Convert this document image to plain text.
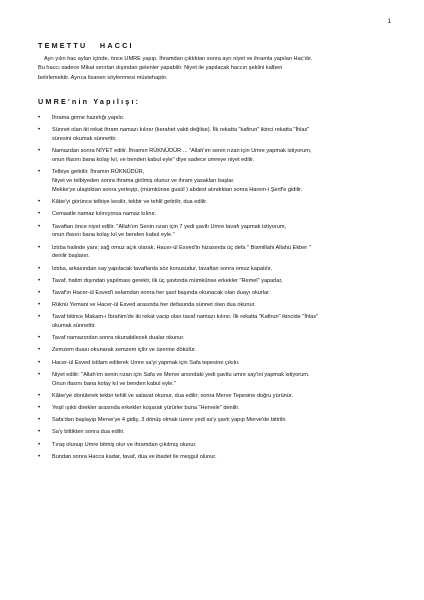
1

TEMETTU   HACCI

Ayrı yılın hac ayları içinde, önce UMRE yapıp. İhramdan çıktıktan sonra ayrı niyet ve ihramla yapılan Hac'dır.
Bu haccı sadece Mikat sınırları dışından gelenler yapabilir. Niyet ile yapılacak haccın şeklini kalben
belirlemektir. Ayrıca lisanen söylenmesi müstehaptır.

UMRE'nin Yapılışı:

• İhrama girme hazırlığı yapılır.
• Sünnet olan iki rekat ihram namazı kılınır (kerahet vakti değilse). İlk rekatta "kafirun" ikinci rekatta "İhlas"
süresini okumak sünnettir.
• Namazdan sonra NİYET edilir. İhramın RÜKNÜDÜR ... "Allah'ım senin rızan için Umre yapmak istiyorum,
onun ifasını bana kolay kıl, ve benden kabul eyle" diye sadece umreye niyet edilir.
• Telbiye getirilir. İhramın RÜKNÜDÜR,
Niyet ve telbiyeden sonra ihrama girilmiş olunur ve ihram yasakları başlar.
Mekke'ye ulaştıktan sonra yerleşip, (mümkünse gusül ) abdest alındıktan sonra Harem-i Şerif'e gidilir.
• Kâbe'yi görünce telbiye kesilir, tekbir ve tehlil getirilir, dua edilir.
• Cemaatle namaz kılınıyorsa namaz kılınır.
• Tavaftan önce niyet edilir. "Allah'ım Senin rızan için 7 yedi şavtlı Umre tavafı yapmak istiyorum,
onun ifasını bana kolay kıl ve benden kabul eyle."
• Iztıba halinde yanı; sağ omuz açık olarak, Hacer-ül Esved'in hizasında üç defa " Bismillahi Allahü Ekber "
denilir başlanır.
• Iztıba, arkasından say yapılacak tavaflarda söz konusudur, tavaftan sonra omuz kapatılır.
• Tavaf, hatim dışından yapılması gerekir, ilk üç şavtında mümkünse erkekler "Remel" yaparlar,
• Tavaf'ın Hacer-ül Esved'i selamdan sonra her şavt başında okunacak olan duayı okurlar.
• Rüknü Yemani ve Hacer-ül Esved arasında her defasında sünnet olan dua okunur.
• Tavaf bitince Makam-ı İbrahim'de iki rekat vacip olan tavaf namazı kılınır. İlk rekatta "Kafirun" ikincide "İhlas"
okumak sünnettir.
• Tavaf namazından sonra okunabilecek dualar okunur.
• Zemzem duası okunarak zemzem içilir ve üzerine dökülür.
• Hacer-ül Esved istilam edilerek Umre sa'yi yapmak için Safa tepesine çıkılır.
• Niyet edilir: "Allah'ım senin rızan için Safa ve Merve arsındaki yedi şavtlu umre say'ini yapmak istiyorum.
Onun ifasını bana kolay kıl ve benden kabul eyle."
• Kâbe'ye dönülerek tekbir tehlil ve salavat okunur, dua edilir; sonra Merve Tepesine doğru yürünür.
• Yeşil ışıklı direkler arasında erkekler koşarak yürürler buna "Hervele" denilir.
• Safa'dan başlayıp Merve'ye 4 gidiş, 3 dönüş olmak üzere yedi sa'y şavtı yapıp Merve'de bitirilir.
• Sa'y bittikten sonra dua edilir.
• Tıraş olunup Umre bitmiş olur ve ihramdan çıkılmış olunur.
• Bundan sonra Hacca kadar, tavaf, dua ve ibadet ile meşgul olunur.
